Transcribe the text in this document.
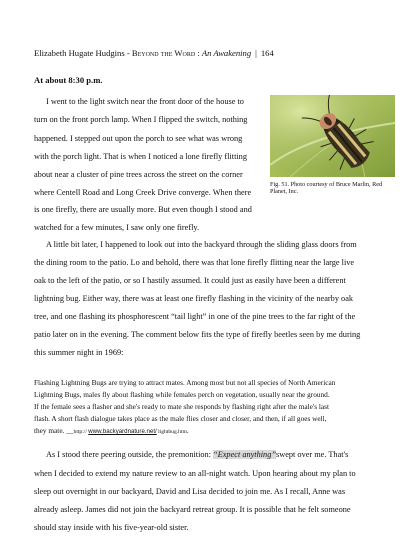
Elizabeth Hugate Hudgins - Beyond the Word : An Awakening | 164
At about 8:30 p.m.
I went to the light switch near the front door of the house to
turn on the front porch lamp. When I flipped the switch, nothing
happened. I stepped out upon the porch to see what was wrong
with the porch light. That is when I noticed a lone firefly flitting
about near a cluster of pine trees across the street on the corner
where Centell Road and Long Creek Drive converge. When there
is one firefly, there are usually more. But even though I stood and
watched for a few minutes, I saw only one firefly.
Fig. 51. Photo courtesy of Bruce Marlin, Red Planet, Inc.
A little bit later, I happened to look out into the backyard through the sliding glass doors from
the dining room to the patio. Lo and behold, there was that lone firefly flitting near the large live
oak to the left of the patio, or so I hastily assumed. It could just as easily have been a different
lightning bug. Either way, there was at least one firefly flashing in the vicinity of the nearby oak
tree, and one flashing its phosphorescent “tail light” in one of the pine trees to the far right of the
patio later on in the evening. The comment below fits the type of firefly beetles seen by me during
this summer night in 1969:
Flashing Lightning Bugs are trying to attract mates. Among most but not all species of North American
Lightning Bugs, males fly about flashing while females perch on vegetation, usually near the ground.
If the female sees a flasher and she's ready to mate she responds by flashing right after the male's last
flash. A short flash dialogue takes place as the male flies closer and closer, and then, if all goes well,
they mate. __http:// www.backyardnature.net/ lightbug.htm.
As I stood there peering outside, the premonition: “Expect anything”swept over me. That's
when I decided to extend my nature review to an all-night watch. Upon hearing about my plan to
sleep out overnight in our backyard, David and Lisa decided to join me. As I recall, Anne was
already asleep. James did not join the backyard retreat group. It is possible that he felt someone
should stay inside with his five-year-old sister.
